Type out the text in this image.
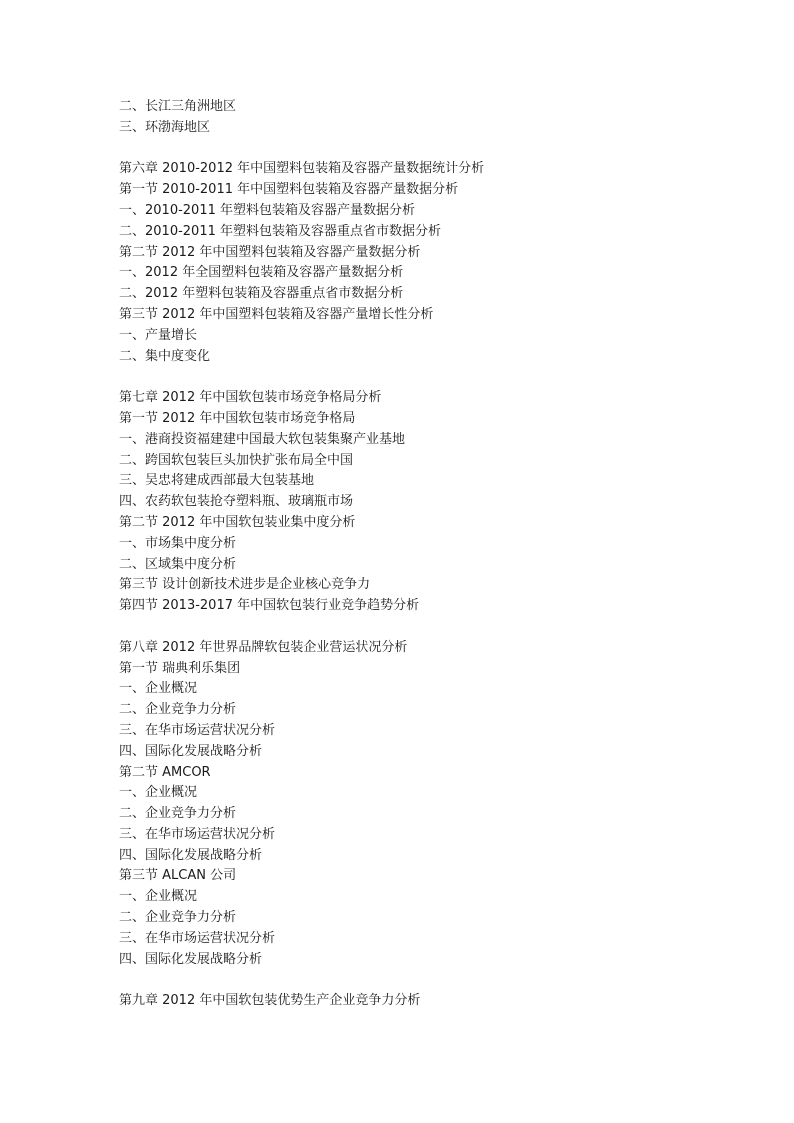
二、长江三角洲地区
三、环渤海地区
第六章 2010-2012 年中国塑料包装箱及容器产量数据统计分析
第一节 2010-2011 年中国塑料包装箱及容器产量数据分析
一、2010-2011 年塑料包装箱及容器产量数据分析
二、2010-2011 年塑料包装箱及容器重点省市数据分析
第二节 2012 年中国塑料包装箱及容器产量数据分析
一、2012 年全国塑料包装箱及容器产量数据分析
二、2012 年塑料包装箱及容器重点省市数据分析
第三节 2012 年中国塑料包装箱及容器产量增长性分析
一、产量增长
二、集中度变化
第七章 2012 年中国软包装市场竞争格局分析
第一节 2012 年中国软包装市场竞争格局
一、港商投资福建建中国最大软包装集聚产业基地
二、跨国软包装巨头加快扩张布局全中国
三、吴忠将建成西部最大包装基地
四、农药软包装抢夺塑料瓶、玻璃瓶市场
第二节 2012 年中国软包装业集中度分析
一、市场集中度分析
二、区域集中度分析
第三节 设计创新技术进步是企业核心竞争力
第四节 2013-2017 年中国软包装行业竞争趋势分析
第八章 2012 年世界品牌软包装企业营运状况分析
第一节 瑞典利乐集团
一、企业概况
二、企业竞争力分析
三、在华市场运营状况分析
四、国际化发展战略分析
第二节 AMCOR
一、企业概况
二、企业竞争力分析
三、在华市场运营状况分析
四、国际化发展战略分析
第三节 ALCAN 公司
一、企业概况
二、企业竞争力分析
三、在华市场运营状况分析
四、国际化发展战略分析
第九章 2012 年中国软包装优势生产企业竞争力分析
